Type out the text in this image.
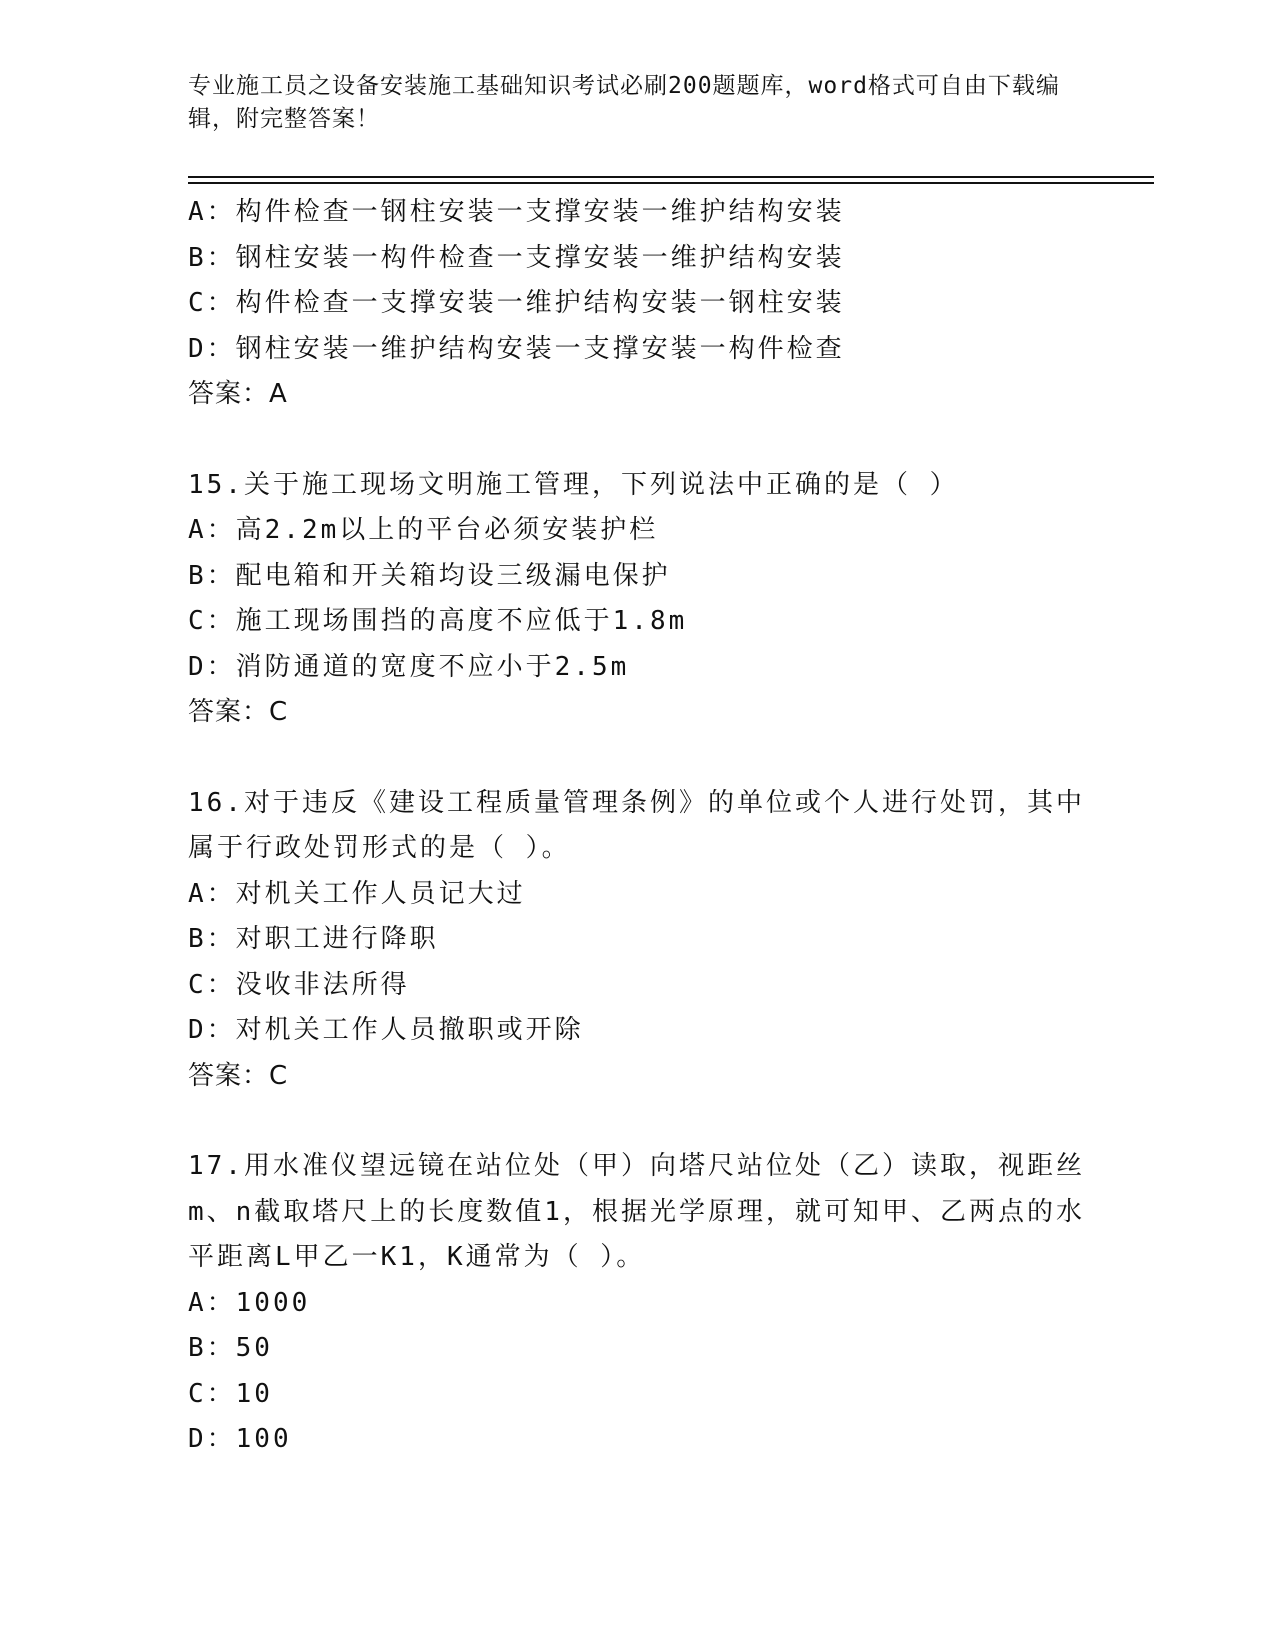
专业施工员之设备安装施工基础知识考试必刷200题题库，word格式可自由下载编辑，附完整答案！
A：构件检查一钢柱安装一支撑安装一维护结构安装
B：钢柱安装一构件检查一支撑安装一维护结构安装
C：构件检查一支撑安装一维护结构安装一钢柱安装
D：钢柱安装一维护结构安装一支撑安装一构件检查
答案：A
15.关于施工现场文明施工管理，下列说法中正确的是（ ）
A：高2.2m以上的平台必须安装护栏
B：配电箱和开关箱均设三级漏电保护
C：施工现场围挡的高度不应低于1.8m
D：消防通道的宽度不应小于2.5m
答案：C
16.对于违反《建设工程质量管理条例》的单位或个人进行处罚，其中属于行政处罚形式的是（ ）。
A：对机关工作人员记大过
B：对职工进行降职
C：没收非法所得
D：对机关工作人员撤职或开除
答案：C
17.用水准仪望远镜在站位处（甲）向塔尺站位处（乙）读取，视距丝m、n截取塔尺上的长度数值1，根据光学原理，就可知甲、乙两点的水平距离L甲乙一K1，K通常为（ ）。
A：1000
B：50
C：10
D：100
